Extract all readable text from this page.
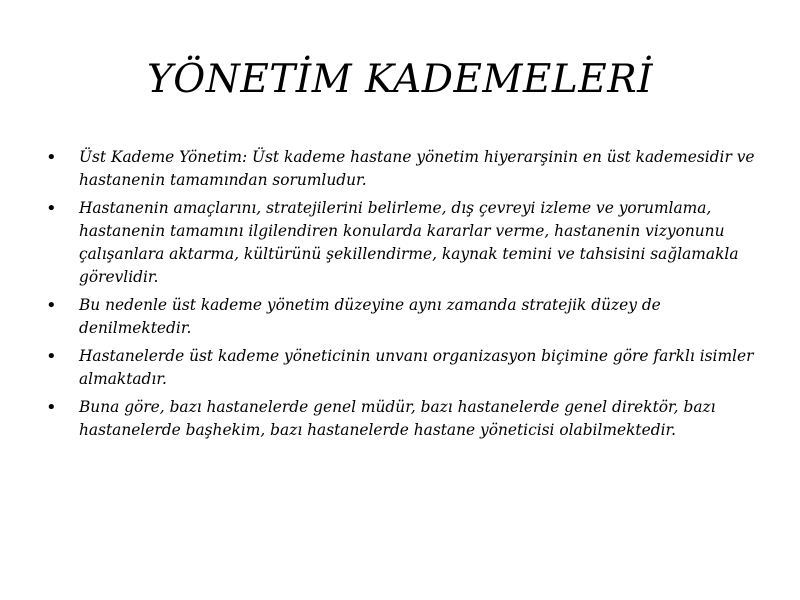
YÖNETİM KADEMELERİ
• Üst Kademe Yönetim: Üst kademe hastane yönetim hiyerarşinin en üst kademesidir ve hastanenin tamamından sorumludur.
• Hastanenin amaçlarını, stratejilerini belirleme, dış çevreyi izleme ve yorumlama, hastanenin tamamını ilgilendiren konularda kararlar verme, hastanenin vizyonunu çalışanlara aktarma, kültürünü şekillendirme, kaynak temini ve tahsisini sağlamakla görevlidir.
• Bu nedenle üst kademe yönetim düzeyine aynı zamanda stratejik düzey de denilmektedir.
• Hastanelerde üst kademe yöneticinin unvanı organizasyon biçimine göre farklı isimler almaktadır.
• Buna göre, bazı hastanelerde genel müdür, bazı hastanelerde genel direktör, bazı hastanelerde başhekim, bazı hastanelerde hastane yöneticisi olabilmektedir.
